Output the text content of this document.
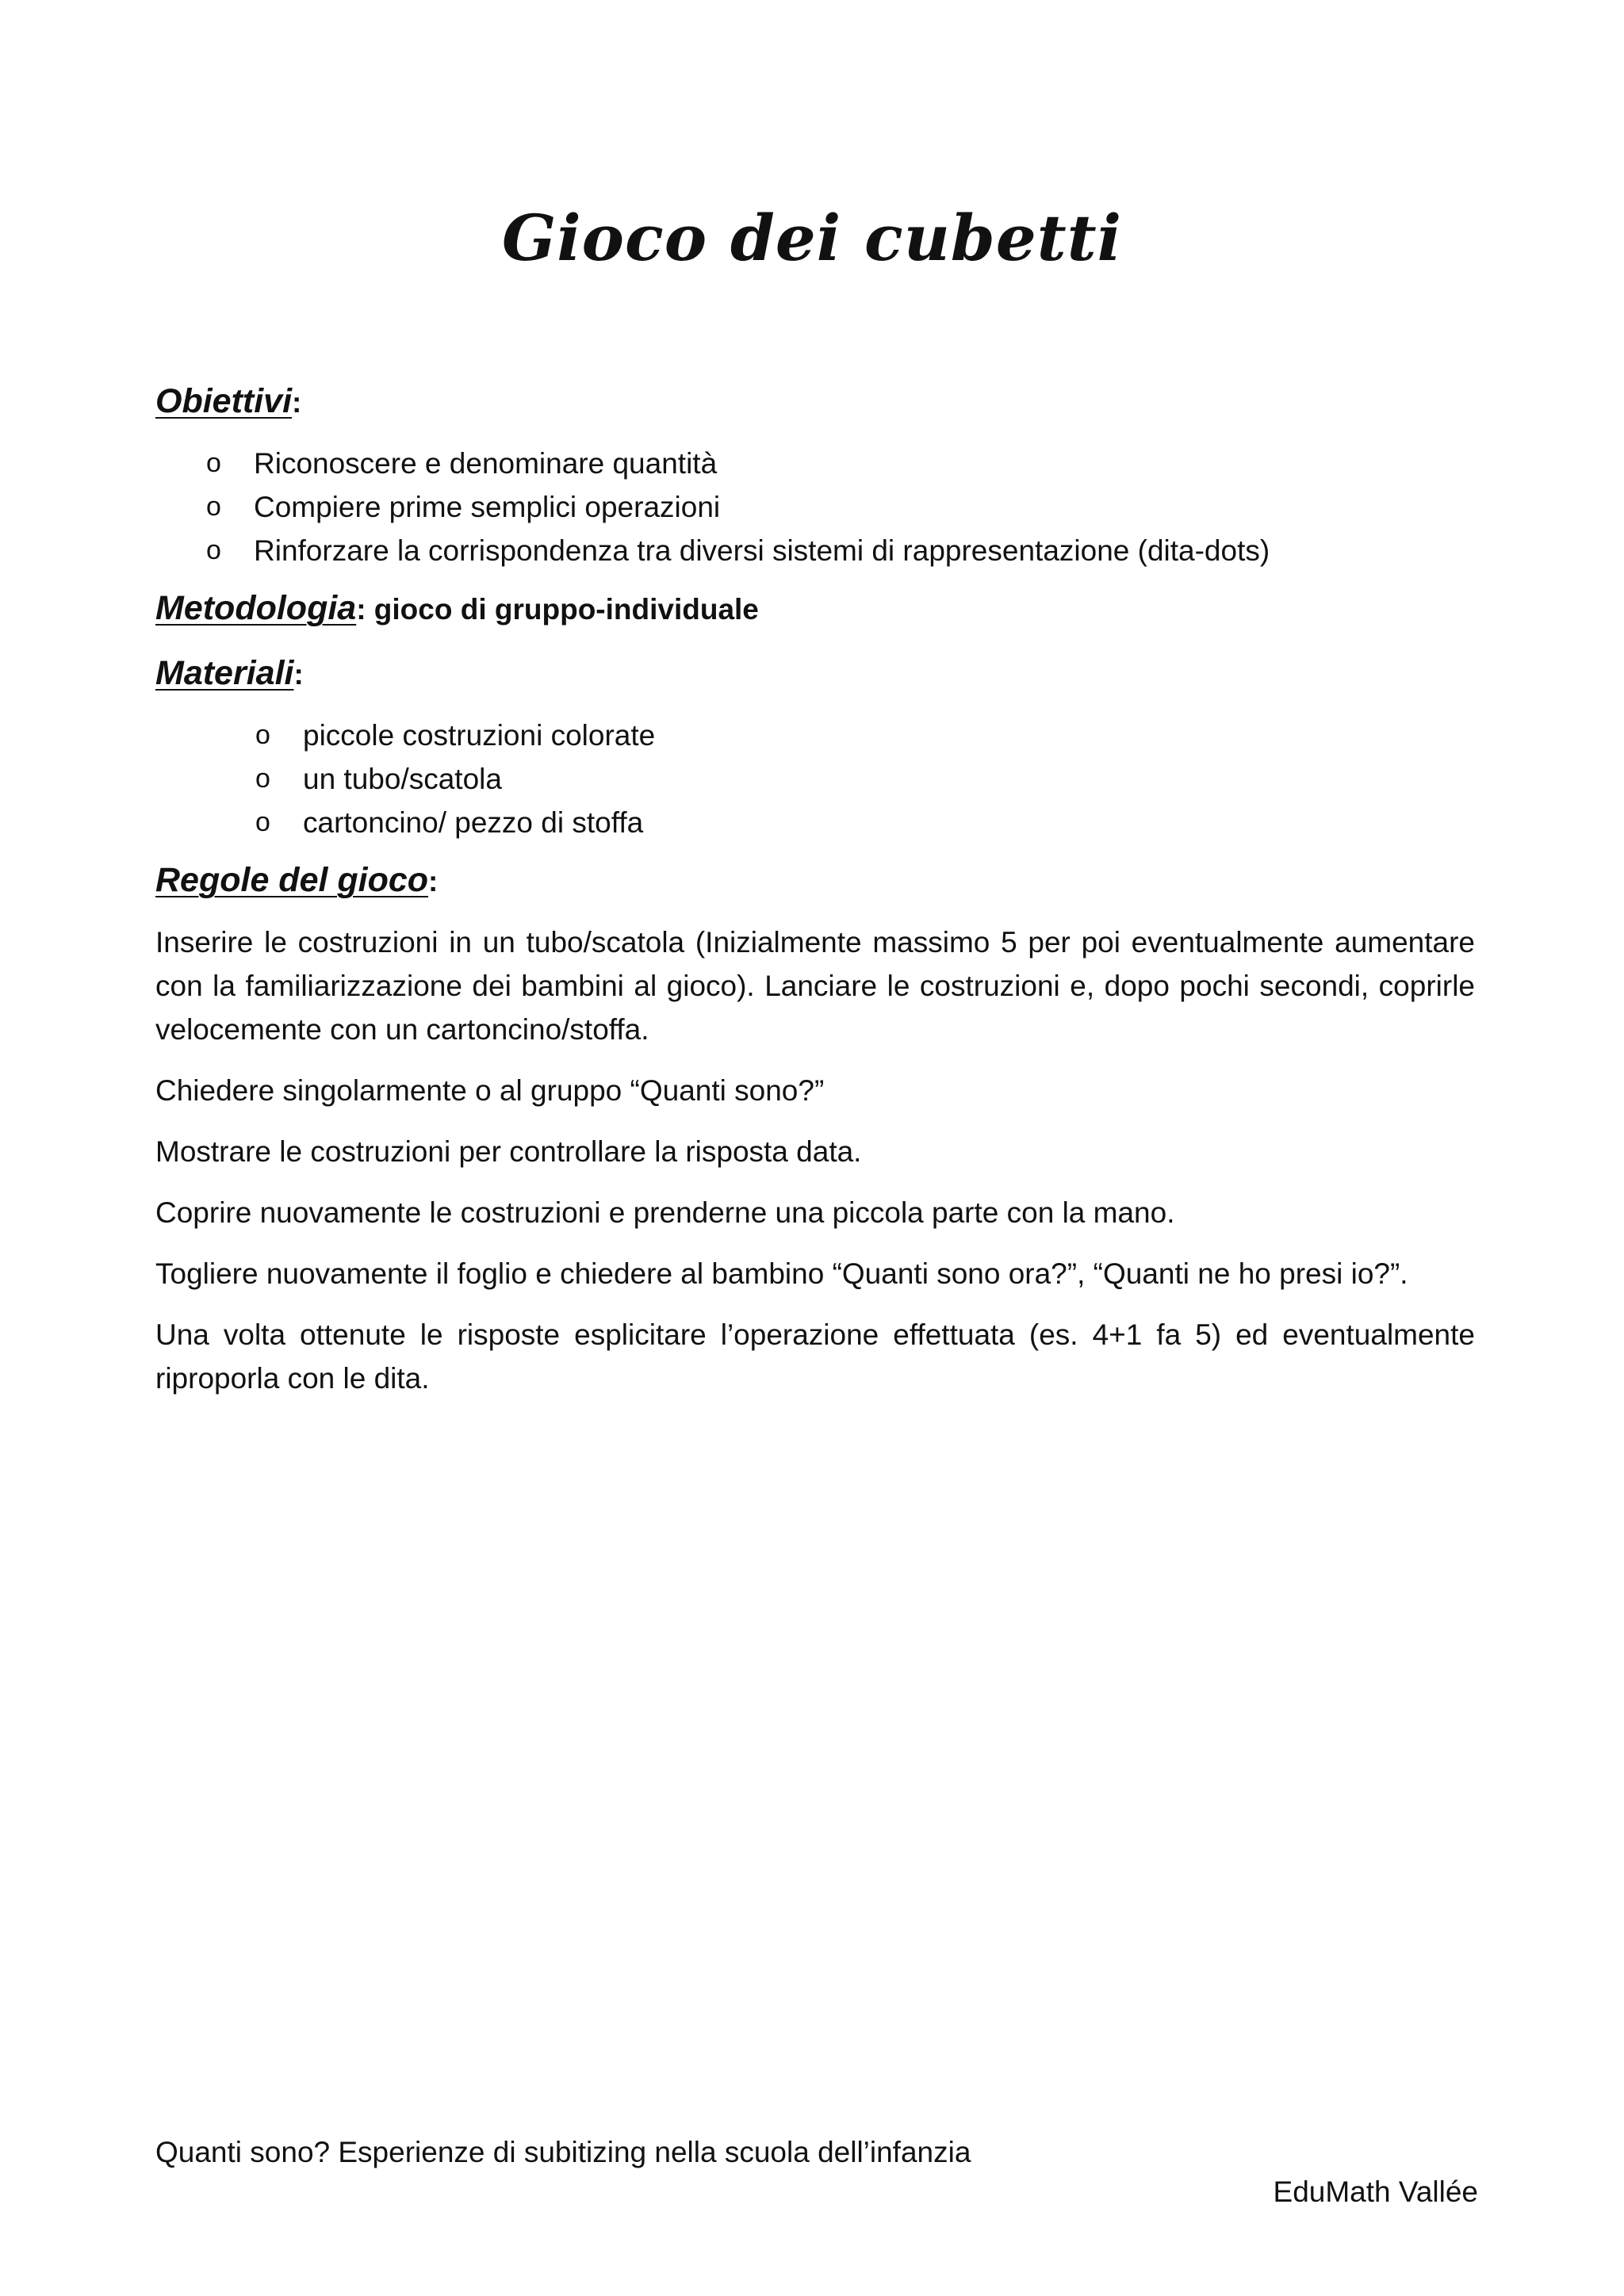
Gioco dei cubetti
Obiettivi:
o Riconoscere e denominare quantità
o Compiere prime semplici operazioni
o Rinforzare la corrispondenza tra diversi sistemi di rappresentazione (dita-dots)
Metodologia: gioco di gruppo-individuale
Materiali:
o piccole costruzioni colorate
o un tubo/scatola
o cartoncino/ pezzo di stoffa
Regole del gioco:

Inserire le costruzioni in un tubo/scatola (Inizialmente massimo 5 per poi eventualmente aumentare con la familiarizzazione dei bambini al gioco). Lanciare le costruzioni e, dopo pochi secondi, coprirle velocemente con un cartoncino/stoffa.

Chiedere singolarmente o al gruppo “Quanti sono?”

Mostrare le costruzioni per controllare la risposta data.

Coprire nuovamente le costruzioni e prenderne una piccola parte con la mano.

Togliere nuovamente il foglio e chiedere al bambino “Quanti sono ora?”, “Quanti ne ho presi io?”.

Una volta ottenute le risposte esplicitare l’operazione effettuata (es. 4+1 fa 5) ed eventualmente riproporla con le dita.

Quanti sono? Esperienze di subitizing nella scuola dell’infanzia
EduMath Vallée
